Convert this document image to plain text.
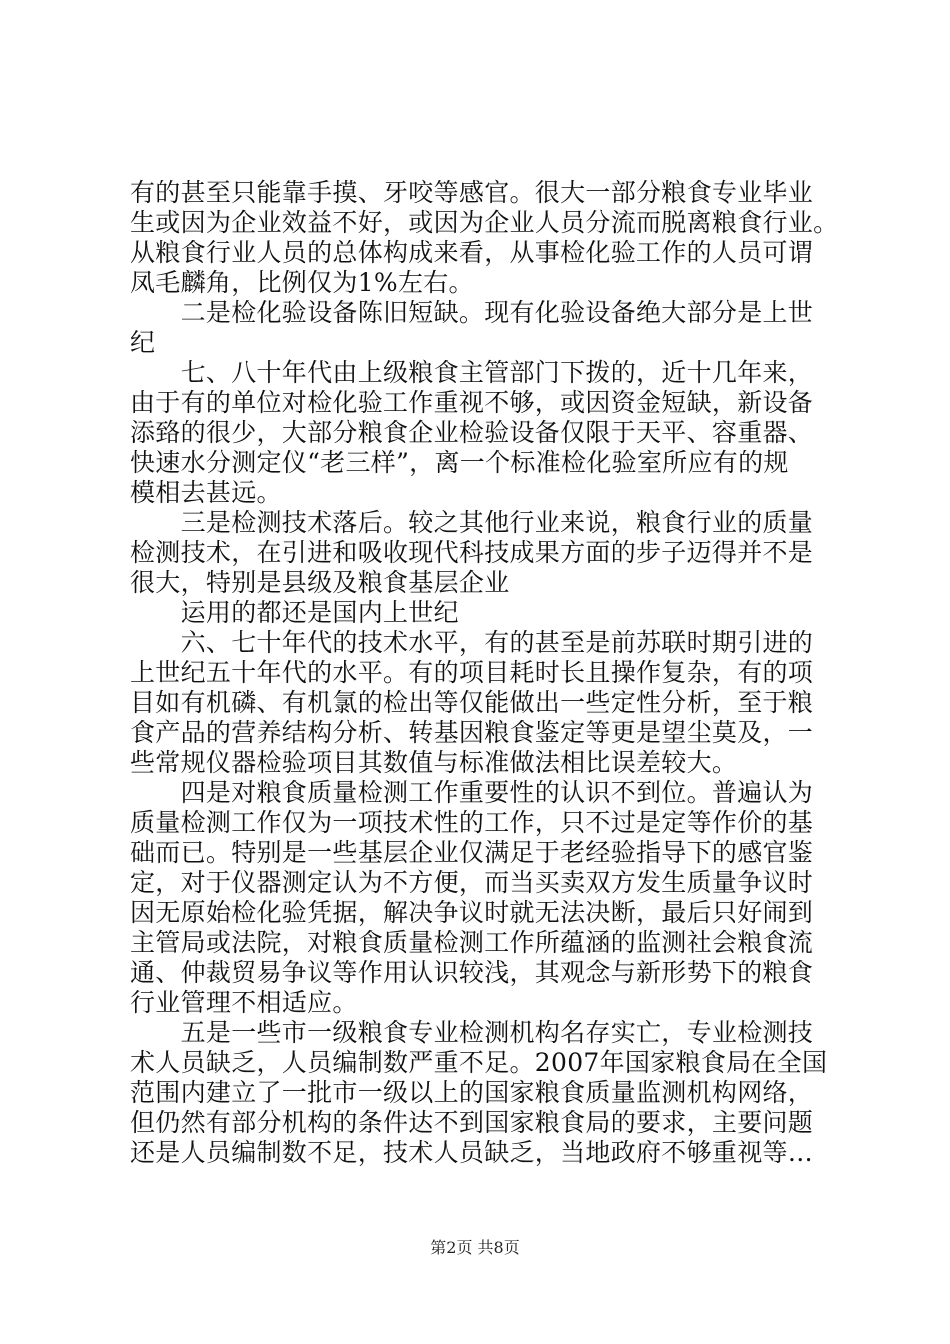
有的甚至只能靠手摸、牙咬等感官。很大一部分粮食专业毕业
生或因为企业效益不好，或因为企业人员分流而脱离粮食行业。
从粮食行业人员的总体构成来看，从事检化验工作的人员可谓
凤毛麟角，比例仅为1%左右。
　　二是检化验设备陈旧短缺。现有化验设备绝大部分是上世
纪
　　七、八十年代由上级粮食主管部门下拨的，近十几年来，
由于有的单位对检化验工作重视不够，或因资金短缺，新设备
添臵的很少，大部分粮食企业检验设备仅限于天平、容重器、
快速水分测定仪“老三样”，离一个标准检化验室所应有的规
模相去甚远。
　　三是检测技术落后。较之其他行业来说，粮食行业的质量
检测技术，在引进和吸收现代科技成果方面的步子迈得并不是
很大，特别是县级及粮食基层企业
　　运用的都还是国内上世纪
　　六、七十年代的技术水平，有的甚至是前苏联时期引进的
上世纪五十年代的水平。有的项目耗时长且操作复杂，有的项
目如有机磷、有机氯的检出等仅能做出一些定性分析，至于粮
食产品的营养结构分析、转基因粮食鉴定等更是望尘莫及，一
些常规仪器检验项目其数值与标准做法相比误差较大。
　　四是对粮食质量检测工作重要性的认识不到位。普遍认为
质量检测工作仅为一项技术性的工作，只不过是定等作价的基
础而已。特别是一些基层企业仅满足于老经验指导下的感官鉴
定，对于仪器测定认为不方便，而当买卖双方发生质量争议时
因无原始检化验凭据，解决争议时就无法决断，最后只好闹到
主管局或法院，对粮食质量检测工作所蕴涵的监测社会粮食流
通、仲裁贸易争议等作用认识较浅，其观念与新形势下的粮食
行业管理不相适应。
　　五是一些市一级粮食专业检测机构名存实亡，专业检测技
术人员缺乏，人员编制数严重不足。2007年国家粮食局在全国
范围内建立了一批市一级以上的国家粮食质量监测机构网络，
但仍然有部分机构的条件达不到国家粮食局的要求，主要问题
还是人员编制数不足，技术人员缺乏，当地政府不够重视等…
第2页 共8页
